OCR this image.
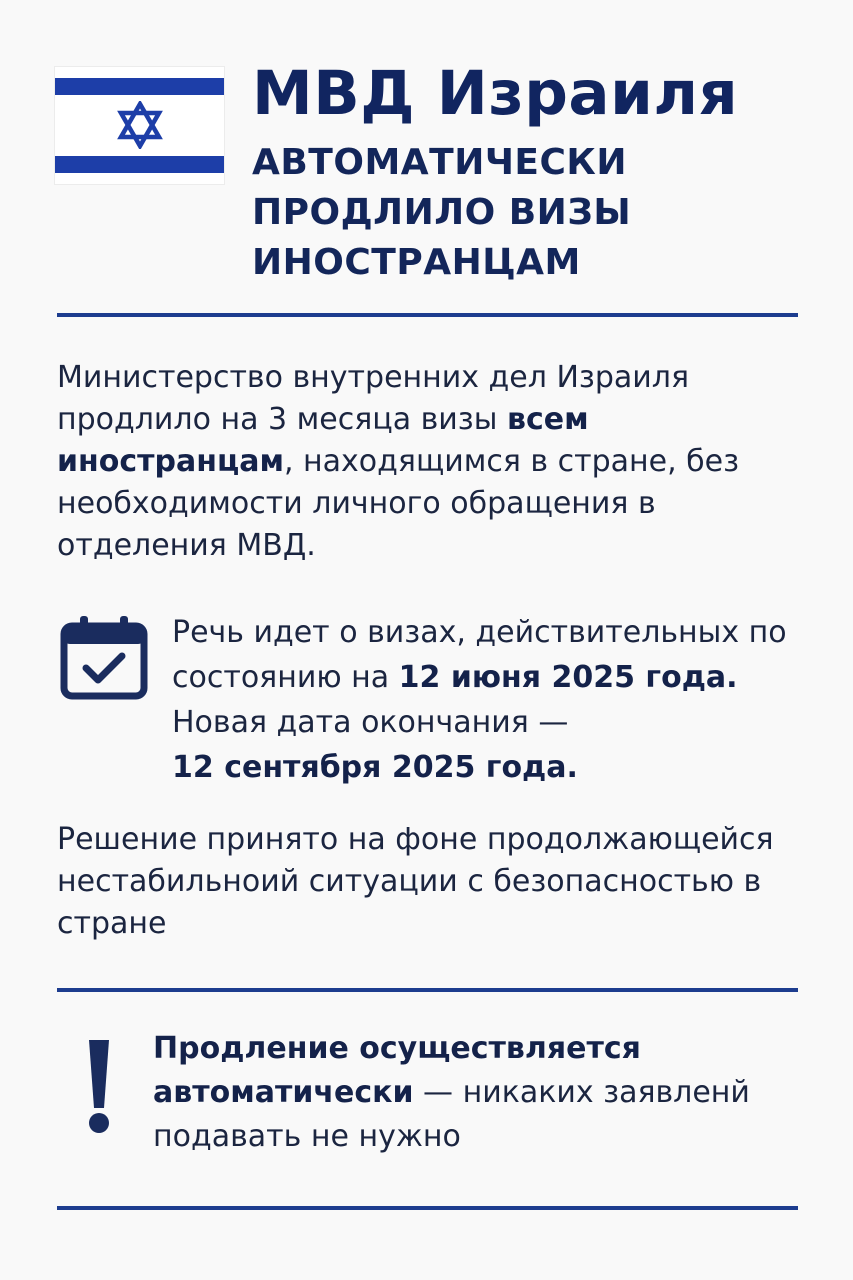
МВД Израиля
АВТОМАТИЧЕСКИ
ПРОДЛИЛО ВИЗЫ
ИНОСТРАНЦАМ

Министерство внутренних дел Израиля продлило на 3 месяца визы всем иностранцам, находящимся в стране, без необходимости личного обращения в отделения МВД.

Речь идет о визах, действительных по состоянию на 12 июня 2025 года.
Новая дата окончания —
12 сентября 2025 года.

Решение принято на фоне продолжающейся нестабильноий ситуации с безопасностью в стране

Продление осуществляется автоматически — никаких заявленй подавать не нужно
